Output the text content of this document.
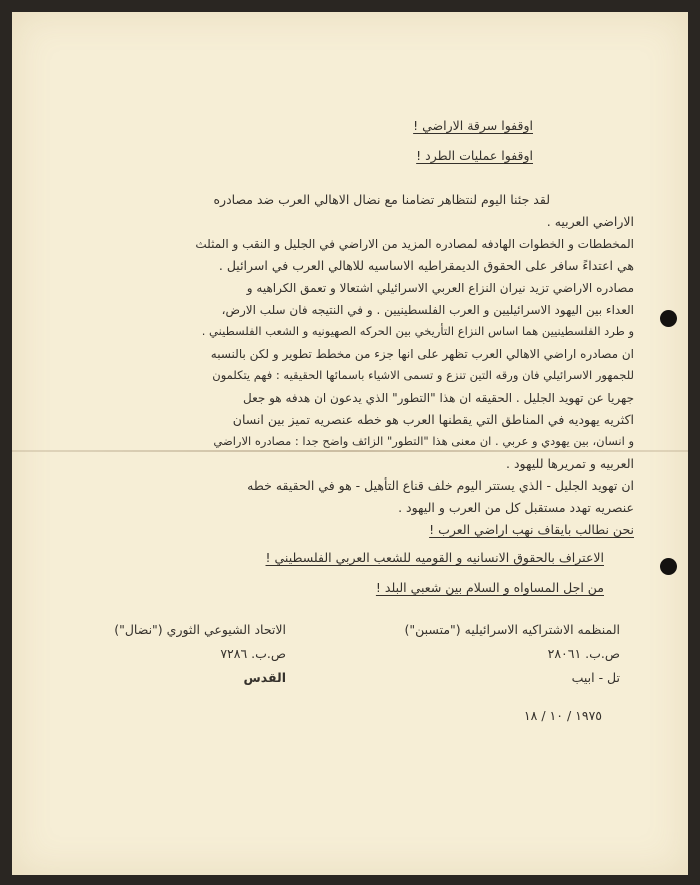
اوقفوا سرقة الاراضي !
اوقفوا عمليات الطرد !
لقد جئنا اليوم لنتظاهر تضامنا مع نضال الاهالي العرب ضد مصادره
الاراضي العربيه .
المخططات و الخطوات الهادفه لمصادره المزيد من الاراضي في الجليل و النقب و المثلث
هي اعتداءً سافر على الحقوق الديمقراطيه الاساسيه للاهالي العرب في اسرائيل .
مصادره الاراضي تزيد نيران النزاع العربي الاسرائيلي اشتعالا و تعمق الكراهيه و
العداء بين اليهود الاسرائيليين و العرب الفلسطينيين . و في النتيجه فان سلب الارض،
و طرد الفلسطينيين هما اساس النزاع التأريخي بين الحركه الصهيونيه و الشعب الفلسطيني .
ان مصادره اراضي الاهالي العرب تظهر على انها جزء من مخطط تطوير و لكن بالنسبه
للجمهور الاسرائيلي فان ورقه التين تنزع و تسمى الاشياء باسمائها الحقيقيه : فهم يتكلمون
جهريا عن تهويد الجليل . الحقيقه ان هذا "التطور" الذي يدعون ان هدفه هو جعل
اكثريه يهوديه في المناطق التي يقطنها العرب هو خطه عنصريه تميز بين انسان
و انسان، بين يهودي و عربي . ان معنى هذا "التطور" الزائف واضح جدا : مصادره الاراضي
العربيه و تمريرها لليهود .
ان تهويد الجليل - الذي يستتر اليوم خلف قناع التأهيل - هو في الحقيقه خطه
عنصريه تهدد مستقبل كل من العرب و اليهود .
نحن نطالب بايقاف نهب اراضي العرب !
الاعتراف بالحقوق الانسانيه و القوميه للشعب العربي الفلسطيني !
من اجل المساواه و السلام بين شعبي البلد !
المنظمه الاشتراكيه الاسرائيليه ("متسبن")
ص.ب. ٢٨٠٦١
تل - ابيب
الاتحاد الشيوعي الثوري ("نضال")
ص.ب. ٧٢٨٦
القدس
١٩٧٥ / ١٠ / ١٨
